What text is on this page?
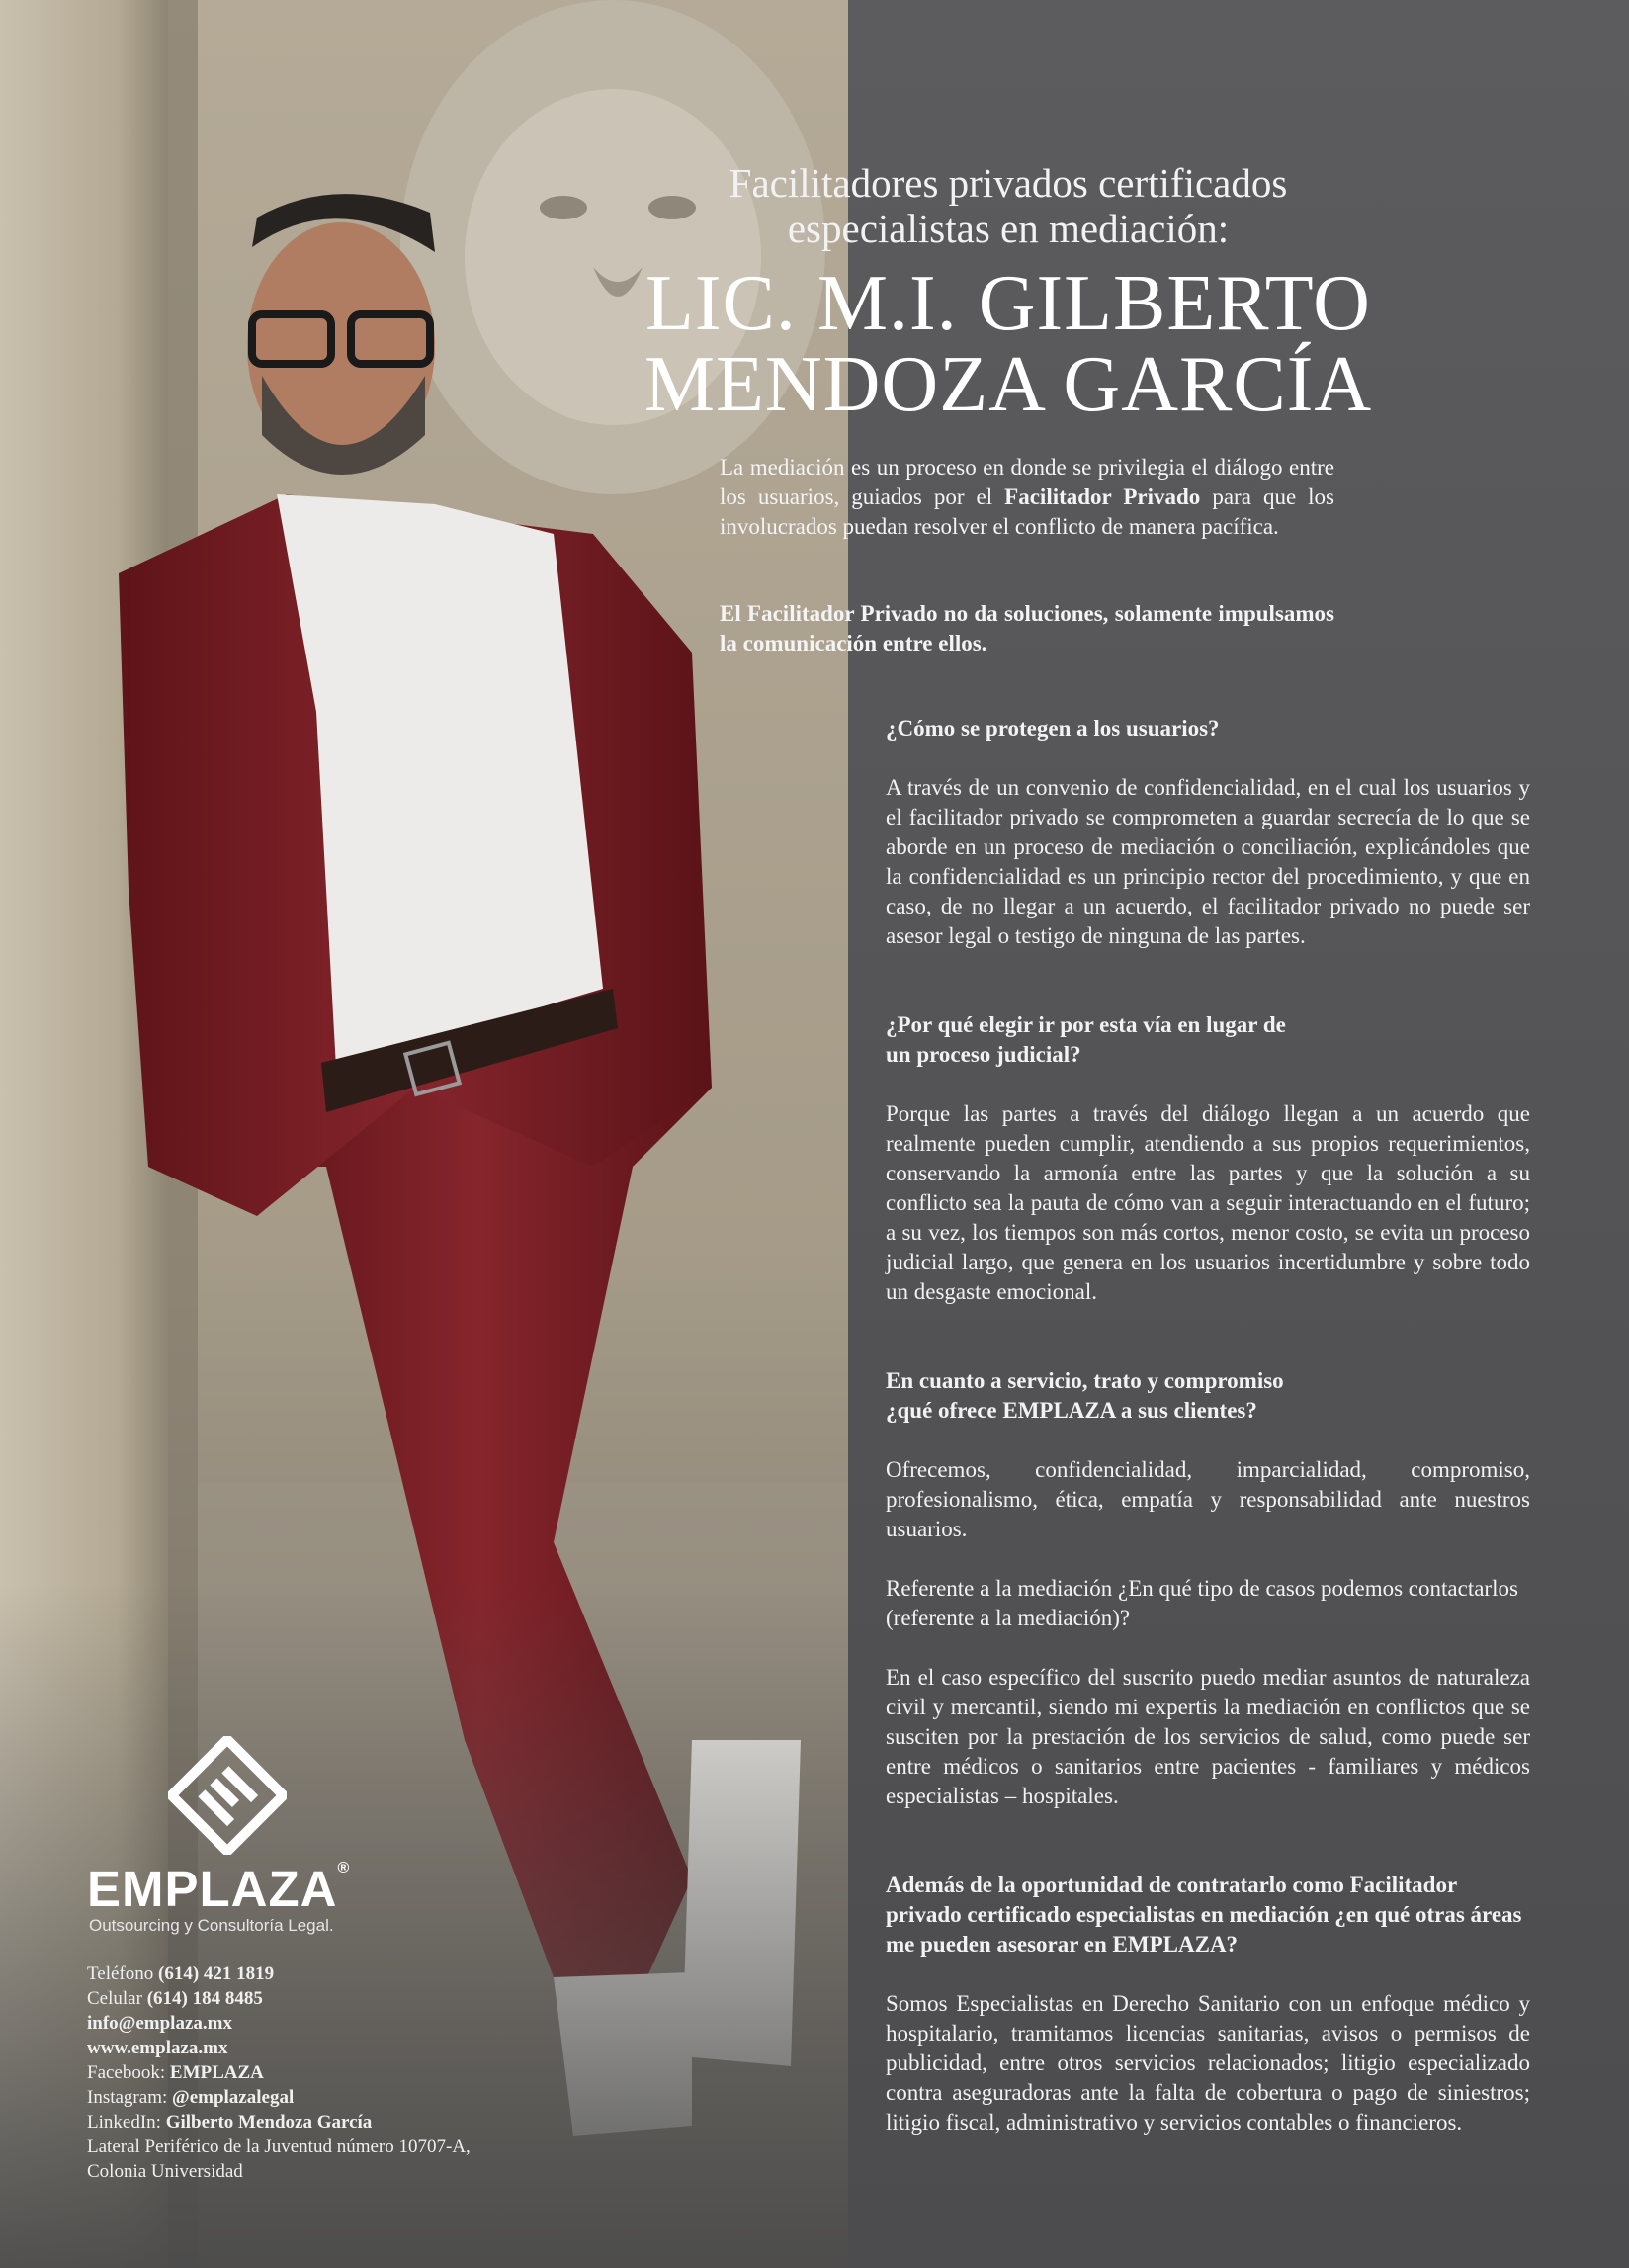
Facilitadores privados certificados
especialistas en mediación:
LIC. M.I. GILBERTO
MENDOZA GARCÍA
La mediación es un proceso en donde se privilegia el diálogo entre los usuarios, guiados por el Facilitador Privado para que los involucrados puedan resolver el conflicto de manera pacífica.
El Facilitador Privado no da soluciones, solamente impulsamos la comunicación entre ellos.
¿Cómo se protegen a los usuarios?
A través de un convenio de confidencialidad, en el cual los usuarios y el facilitador privado se comprometen a guardar secrecía de lo que se aborde en un proceso de mediación o conciliación, explicándoles que la confidencialidad es un principio rector del procedimiento, y que en caso, de no llegar a un acuerdo, el facilitador privado no puede ser asesor legal o testigo de ninguna de las partes.
¿Por qué elegir ir por esta vía en lugar de
un proceso judicial?
Porque las partes a través del diálogo llegan a un acuerdo que realmente pueden cumplir, atendiendo a sus propios requerimientos, conservando la armonía entre las partes y que la solución a su conflicto sea la pauta de cómo van a seguir interactuando en el futuro; a su vez, los tiempos son más cortos, menor costo, se evita un proceso judicial largo, que genera en los usuarios incertidumbre y sobre todo un desgaste emocional.
En cuanto a servicio, trato y compromiso
¿qué ofrece EMPLAZA a sus clientes?
Ofrecemos, confidencialidad, imparcialidad, compromiso, profesionalismo, ética, empatía y responsabilidad ante nuestros usuarios.
Referente a la mediación ¿En qué tipo de casos podemos contactarlos (referente a la mediación)?
En el caso específico del suscrito puedo mediar asuntos de naturaleza civil y mercantil, siendo mi expertis la mediación en conflictos que se susciten por la prestación de los servicios de salud, como puede ser entre médicos o sanitarios entre pacientes - familiares y médicos especialistas – hospitales.
Además de la oportunidad de contratarlo como Facilitador privado certificado especialistas en mediación ¿en qué otras áreas me pueden asesorar en EMPLAZA?
Somos Especialistas en Derecho Sanitario con un enfoque médico y hospitalario, tramitamos licencias sanitarias, avisos o permisos de publicidad, entre otros servicios relacionados; litigio especializado contra aseguradoras ante la falta de cobertura o pago de siniestros; litigio fiscal, administrativo y servicios contables o financieros.
EMPLAZA®
Outsourcing y Consultoría Legal.
Teléfono (614) 421 1819
Celular (614) 184 8485
info@emplaza.mx
www.emplaza.mx
Facebook: EMPLAZA
Instagram: @emplazalegal
LinkedIn: Gilberto Mendoza García
Lateral Periférico de la Juventud número 10707-A,
Colonia Universidad
